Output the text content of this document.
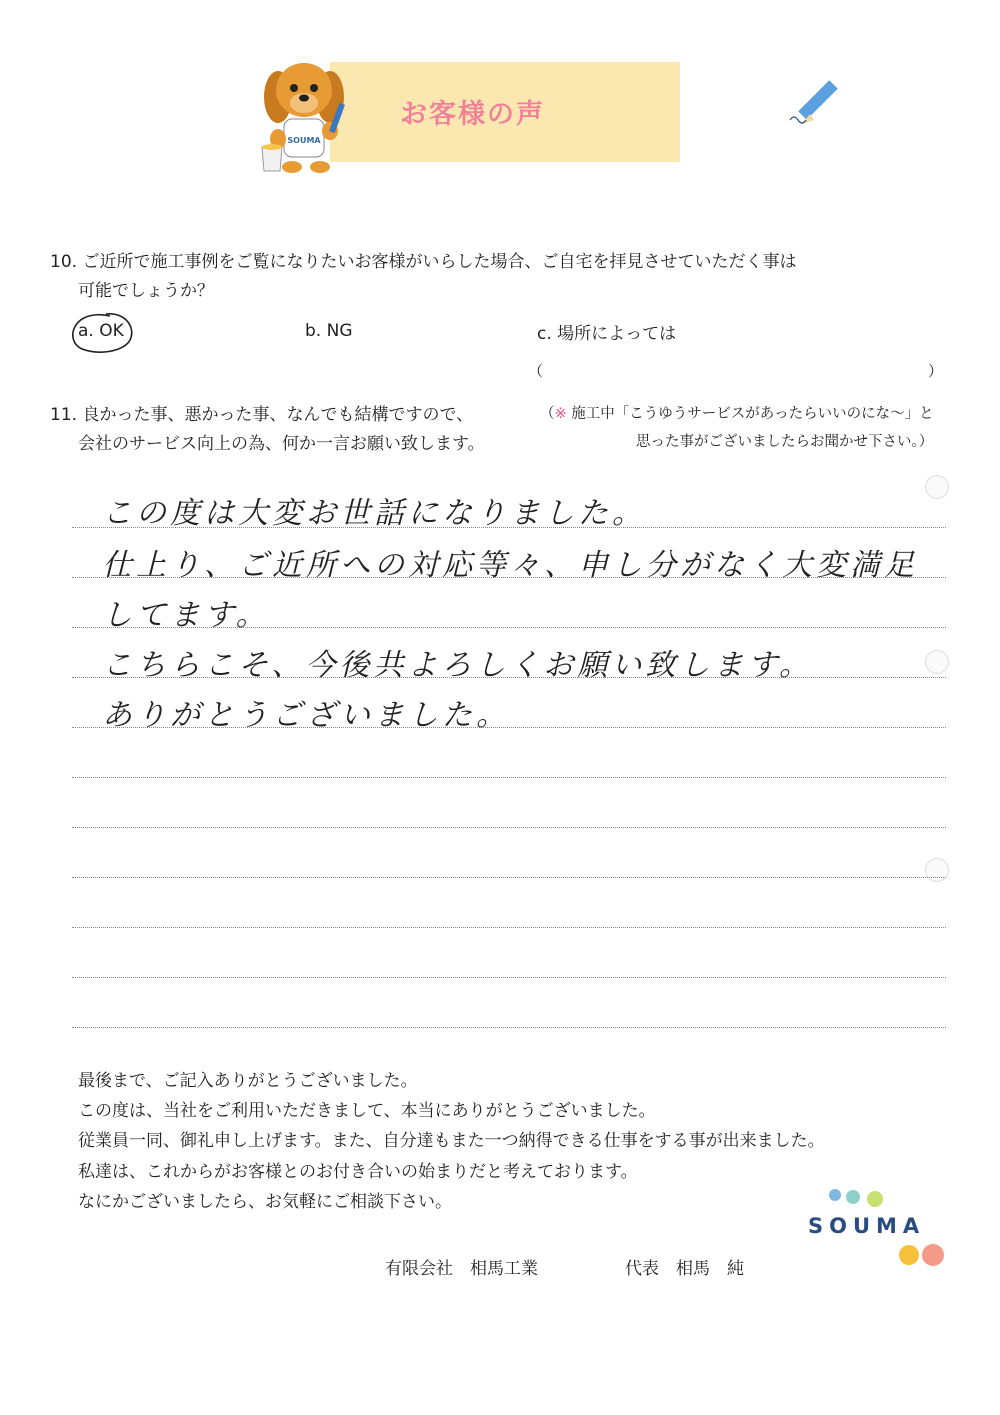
お客様の声
SOUMA
10. ご近所で施工事例をご覧になりたいお客様がいらした場合、ご自宅を拝見させていただく事は
可能でしょうか？
a. OK	b. NG	c. 場所によっては
（	）
11. 良かった事、悪かった事、なんでも結構ですので、
会社のサービス向上の為、何か一言お願い致します。
（※ 施工中「こうゆうサービスがあったらいいのにな～」と
思った事がございましたらお聞かせ下さい。）
この度は大変お世話になりました。
仕上り、ご近所への対応等々、申し分がなく大変満足
してます。
こちらこそ、今後共よろしくお願い致します。
ありがとうございました。
最後まで、ご記入ありがとうございました。
この度は、当社をご利用いただきまして、本当にありがとうございました。
従業員一同、御礼申し上げます。また、自分達もまた一つ納得できる仕事をする事が出来ました。
私達は、これからがお客様とのお付き合いの始まりだと考えております。
なにかございましたら、お気軽にご相談下さい。
SOUMA
有限会社　相馬工業	代表　相馬　純
